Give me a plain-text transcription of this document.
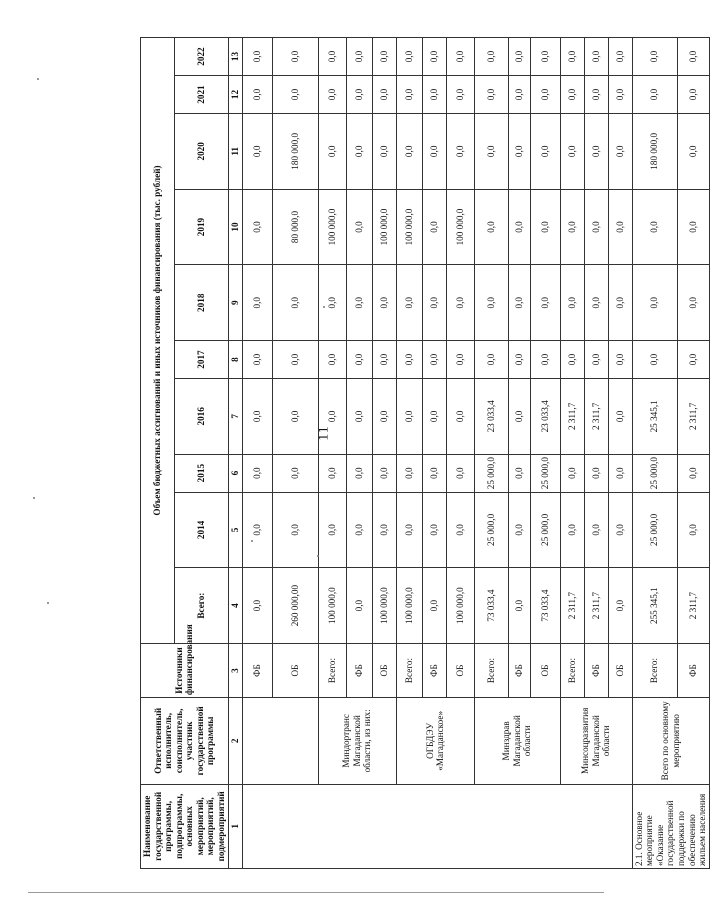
11
Наименование государственной программы, подпрограммы, основных мероприятий, мероприятий, подмероприятий	Ответственный исполнитель, соисполнитель, участник государственной программы	Источники финансирования	Объем бюджетных ассигнований и иных источников финансирования (тыс. рублей)									
			Всего:	2014	2015	2016	2017	2018	2019	2020	2021	2022
1	2	3	4	5	6	7	8	9	10	11	12	13
		ФБ	0,0	0,0	0,0	0,0	0,0	0,0	0,0	0,0	0,0	0,0
		ОБ	260 000,00	0,0	0,0	0,0	0,0	0,0	80 000,0	180 000,0	0,0	0,0
	Миндортранс Магаданской области, из них:	Всего:	100 000,0	0,0	0,0	0,0	0,0	0,0	100 000,0	0,0	0,0	0,0
		ФБ	0,0	0,0	0,0	0,0	0,0	0,0	0,0	0,0	0,0	0,0
		ОБ	100 000,0	0,0	0,0	0,0	0,0	0,0	100 000,0	0,0	0,0	0,0
	ОГБДЭУ «Магаданское»	Всего:	100 000,0	0,0	0,0	0,0	0,0	0,0	100 000,0	0,0	0,0	0,0
		ФБ	0,0	0,0	0,0	0,0	0,0	0,0	0,0	0,0	0,0	0,0
		ОБ	100 000,0	0,0	0,0	0,0	0,0	0,0	100 000,0	0,0	0,0	0,0
	Минздрав Магаданской области	Всего:	73 033,4	25 000,0	25 000,0	23 033,4	0,0	0,0	0,0	0,0	0,0	0,0
		ФБ	0,0	0,0	0,0	0,0	0,0	0,0	0,0	0,0	0,0	0,0
		ОБ	73 033,4	25 000,0	25 000,0	23 033,4	0,0	0,0	0,0	0,0	0,0	0,0
	Минсоцразвития Магаданской области	Всего:	2 311,7	0,0	0,0	2 311,7	0,0	0,0	0,0	0,0	0,0	0,0
		ФБ	2 311,7	0,0	0,0	2 311,7	0,0	0,0	0,0	0,0	0,0	0,0
		ОБ	0,0	0,0	0,0	0,0	0,0	0,0	0,0	0,0	0,0	0,0
2.1. Основное мероприятие «Оказание государственной поддержки по обеспечению жильем населения	Всего по основному мероприятию	Всего:	255 345,1	25 000,0	25 000,0	25 345,1	0,0	0,0	0,0	180 000,0	0,0	0,0
		ФБ	2 311,7	0,0	0,0	2 311,7	0,0	0,0	0,0	0,0	0,0	0,0
